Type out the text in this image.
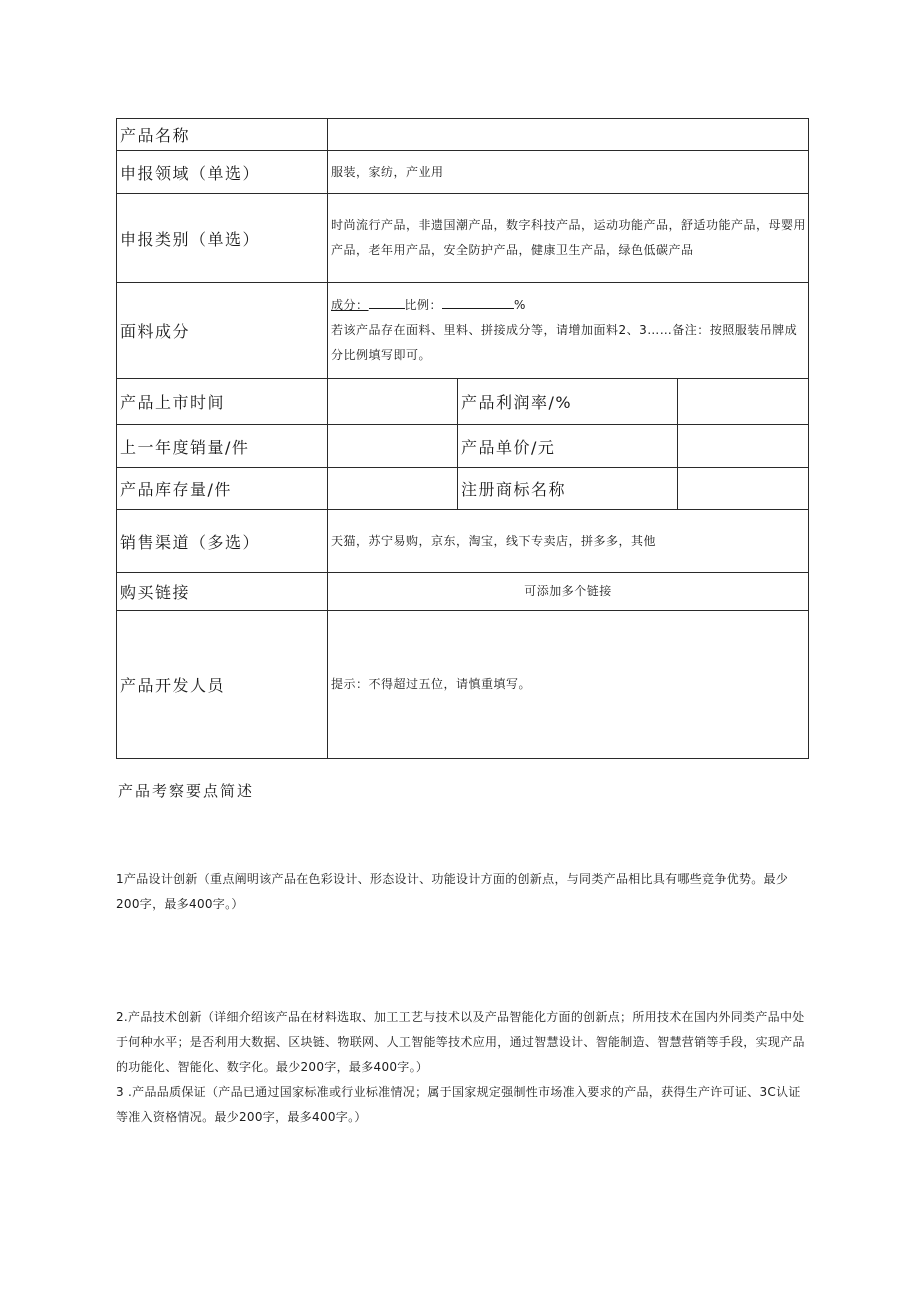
产品名称			
申报领域（单选）	服装，家纺，产业用		
申报类别（单选）	时尚流行产品，非遗国潮产品，数字科技产品，运动功能产品，舒适功能产品，母婴用产品，老年用产品，安全防护产品，健康卫生产品，绿色低碳产品		
面料成分	成分： 比例： %
若该产品存在面料、里料、拼接成分等，请增加面料2、3……备注：按照服装吊牌成分比例填写即可。		

产品上市时间		产品利润率/%	
上一年度销量/件		产品单价/元	
产品库存量/件		注册商标名称	
销售渠道（多选）	天猫，苏宁易购，京东，淘宝，线下专卖店，拼多多，其他		
购买链接	可添加多个链接		
产品开发人员	提示：不得超过五位，请慎重填写。		
产品考察要点简述
1产品设计创新（重点阐明该产品在色彩设计、形态设计、功能设计方面的创新点，与同类产品相比具有哪些竞争优势。最少200字，最多400字。）
2.产品技术创新（详细介绍该产品在材料选取、加工工艺与技术以及产品智能化方面的创新点；所用技术在国内外同类产品中处于何种水平；是否利用大数据、区块链、物联网、人工智能等技术应用，通过智慧设计、智能制造、智慧营销等手段，实现产品的功能化、智能化、数字化。最少200字，最多400字。）
3 .产品品质保证（产品已通过国家标准或行业标准情况；属于国家规定强制性市场准入要求的产品，获得生产许可证、3C认证等准入资格情况。最少200字，最多400字。）
